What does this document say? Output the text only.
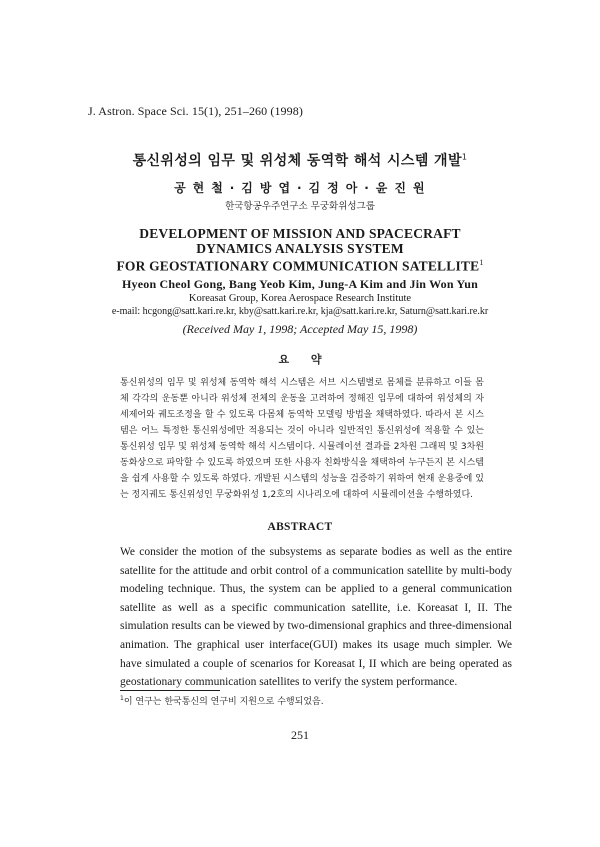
J. Astron. Space Sci. 15(1), 251–260 (1998)
통신위성의 임무 및 위성체 동역학 해석 시스템 개발$^1$
공 현 철 · 김 방 엽 · 김 정 아 · 윤 진 원
한국항공우주연구소 무궁화위성그룹
DEVELOPMENT OF MISSION AND SPACECRAFT
DYNAMICS ANALYSIS SYSTEM
FOR GEOSTATIONARY COMMUNICATION SATELLITE$^1$
Hyeon Cheol Gong, Bang Yeob Kim, Jung-A Kim and Jin Won Yun
Koreasat Group, Korea Aerospace Research Institute
e-mail: hcgong@satt.kari.re.kr, kby@satt.kari.re.kr, kja@satt.kari.re.kr, Saturn@satt.kari.re.kr
(Received May 1, 1998; Accepted May 15, 1998)
요 약
통신위성의 임무 및 위성체 동역학 해석 시스템은 서브 시스템별로 몸체를 분류하고 이들 몸체 각각의 운동뿐 아니라 위성체 전체의 운동을 고려하여 정해진 임무에 대하여 위성체의 자세제어와 궤도조정을 할 수 있도록 다몸체 동역학 모델링 방법을 채택하였다. 따라서 본 시스템은 어느 특정한 통신위성에만 적용되는 것이 아니라 일반적인 통신위성에 적용할 수 있는 통신위성 임무 및 위성체 동역학 해석 시스템이다. 시뮬레이션 결과를 2차원 그래픽 및 3차원 동화상으로 파악할 수 있도록 하였으며 또한 사용자 친화방식을 채택하여 누구든지 본 시스템을 쉽게 사용할 수 있도록 하였다. 개발된 시스템의 성능을 검증하기 위하여 현재 운용중에 있는 정지궤도 통신위성인 무궁화위성 1,2호의 시나리오에 대하여 시뮬레이션을 수행하였다.
ABSTRACT
We consider the motion of the subsystems as separate bodies as well as the entire satellite for the attitude and orbit control of a communication satellite by multi-body modeling technique. Thus, the system can be applied to a general communication satellite as well as a specific communication satellite, i.e. Koreasat I, II. The simulation results can be viewed by two-dimensional graphics and three-dimensional animation. The graphical user interface(GUI) makes its usage much simpler. We have simulated a couple of scenarios for Koreasat I, II which are being operated as geostationary communication satellites to verify the system performance.
$^1$이 연구는 한국통신의 연구비 지원으로 수행되었음.
251
